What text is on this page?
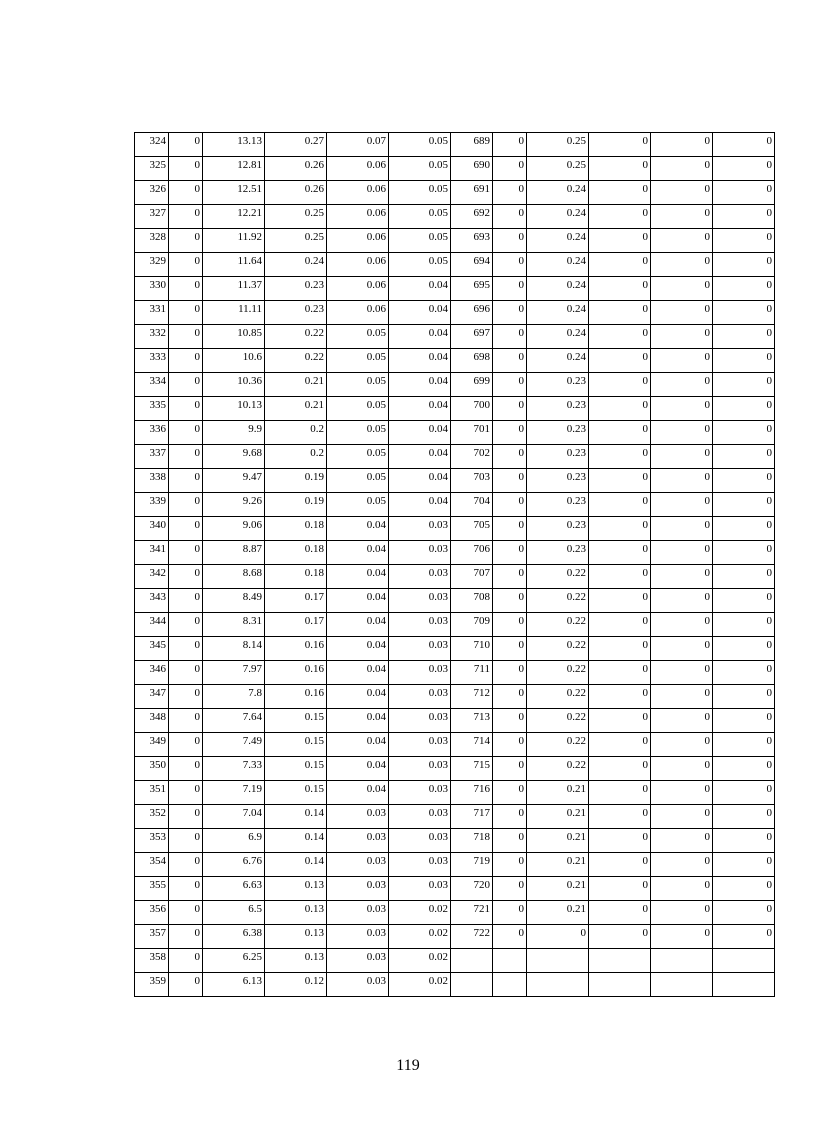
324	0	13.13	0.27	0.07	0.05	689	0	0.25	0	0	0
325	0	12.81	0.26	0.06	0.05	690	0	0.25	0	0	0
326	0	12.51	0.26	0.06	0.05	691	0	0.24	0	0	0
327	0	12.21	0.25	0.06	0.05	692	0	0.24	0	0	0
328	0	11.92	0.25	0.06	0.05	693	0	0.24	0	0	0
329	0	11.64	0.24	0.06	0.05	694	0	0.24	0	0	0
330	0	11.37	0.23	0.06	0.04	695	0	0.24	0	0	0
331	0	11.11	0.23	0.06	0.04	696	0	0.24	0	0	0
332	0	10.85	0.22	0.05	0.04	697	0	0.24	0	0	0
333	0	10.6	0.22	0.05	0.04	698	0	0.24	0	0	0
334	0	10.36	0.21	0.05	0.04	699	0	0.23	0	0	0
335	0	10.13	0.21	0.05	0.04	700	0	0.23	0	0	0
336	0	9.9	0.2	0.05	0.04	701	0	0.23	0	0	0
337	0	9.68	0.2	0.05	0.04	702	0	0.23	0	0	0
338	0	9.47	0.19	0.05	0.04	703	0	0.23	0	0	0
339	0	9.26	0.19	0.05	0.04	704	0	0.23	0	0	0
340	0	9.06	0.18	0.04	0.03	705	0	0.23	0	0	0
341	0	8.87	0.18	0.04	0.03	706	0	0.23	0	0	0
342	0	8.68	0.18	0.04	0.03	707	0	0.22	0	0	0
343	0	8.49	0.17	0.04	0.03	708	0	0.22	0	0	0
344	0	8.31	0.17	0.04	0.03	709	0	0.22	0	0	0
345	0	8.14	0.16	0.04	0.03	710	0	0.22	0	0	0
346	0	7.97	0.16	0.04	0.03	711	0	0.22	0	0	0
347	0	7.8	0.16	0.04	0.03	712	0	0.22	0	0	0
348	0	7.64	0.15	0.04	0.03	713	0	0.22	0	0	0
349	0	7.49	0.15	0.04	0.03	714	0	0.22	0	0	0
350	0	7.33	0.15	0.04	0.03	715	0	0.22	0	0	0
351	0	7.19	0.15	0.04	0.03	716	0	0.21	0	0	0
352	0	7.04	0.14	0.03	0.03	717	0	0.21	0	0	0
353	0	6.9	0.14	0.03	0.03	718	0	0.21	0	0	0
354	0	6.76	0.14	0.03	0.03	719	0	0.21	0	0	0
355	0	6.63	0.13	0.03	0.03	720	0	0.21	0	0	0
356	0	6.5	0.13	0.03	0.02	721	0	0.21	0	0	0
357	0	6.38	0.13	0.03	0.02	722	0	0	0	0	0
358	0	6.25	0.13	0.03	0.02						
359	0	6.13	0.12	0.03	0.02						
119
